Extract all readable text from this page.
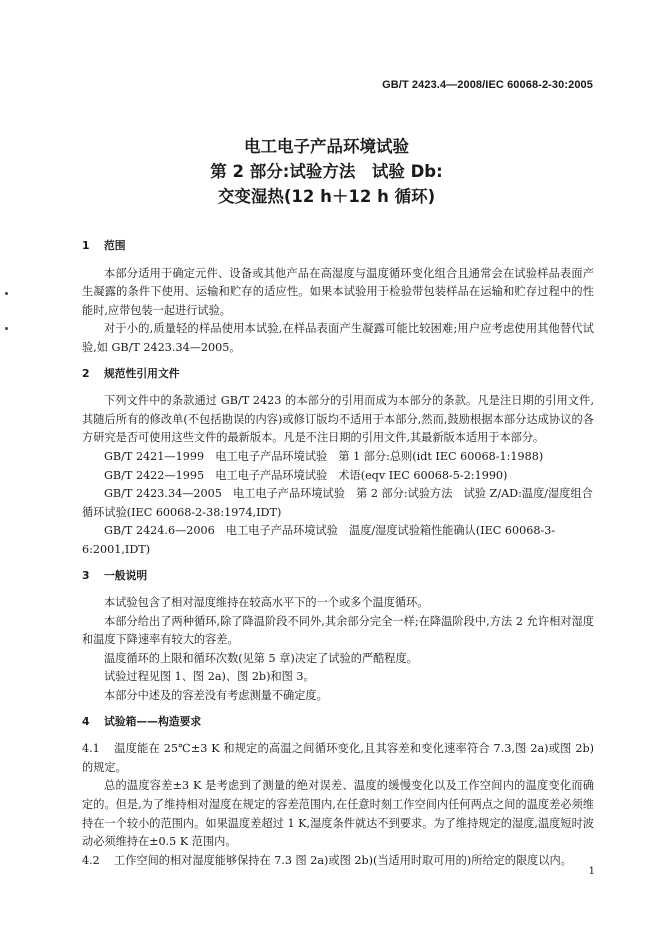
GB/T 2423.4—2008/IEC 60068-2-30:2005
电工电子产品环境试验
第 2 部分:试验方法　试验 Db:
交变湿热(12 h＋12 h 循环)

1 范围

本部分适用于确定元件、设备或其他产品在高湿度与温度循环变化组合且通常会在试验样品表面产生凝露的条件下使用、运输和贮存的适应性。如果本试验用于检验带包装样品在运输和贮存过程中的性能时,应带包装一起进行试验。

对于小的,质量轻的样品使用本试验,在样品表面产生凝露可能比较困难;用户应考虑使用其他替代试验,如 GB/T 2423.34—2005。

2 规范性引用文件

下列文件中的条款通过 GB/T 2423 的本部分的引用而成为本部分的条款。凡是注日期的引用文件,其随后所有的修改单(不包括勘误的内容)或修订版均不适用于本部分,然而,鼓励根据本部分达成协议的各方研究是否可使用这些文件的最新版本。凡是不注日期的引用文件,其最新版本适用于本部分。

GB/T 2421—1999　电工电子产品环境试验　第 1 部分:总则(idt IEC 60068-1:1988)

GB/T 2422—1995　电工电子产品环境试验　术语(eqv IEC 60068-5-2:1990)

GB/T 2423.34—2005　电工电子产品环境试验　第 2 部分:试验方法　试验 Z/AD:温度/湿度组合循环试验(IEC 60068-2-38:1974,IDT)

GB/T 2424.6—2006　电工电子产品环境试验　温度/湿度试验箱性能确认(IEC 60068-3-6:2001,IDT)

3 一般说明

本试验包含了相对湿度维持在较高水平下的一个或多个温度循环。

本部分给出了两种循环,除了降温阶段不同外,其余部分完全一样;在降温阶段中,方法 2 允许相对湿度和温度下降速率有较大的容差。

温度循环的上限和循环次数(见第 5 章)决定了试验的严酷程度。

试验过程见图 1、图 2a)、图 2b)和图 3。

本部分中述及的容差没有考虑测量不确定度。

4 试验箱——构造要求

4.1 温度能在 25℃±3 K 和规定的高温之间循环变化,且其容差和变化速率符合 7.3,图 2a)或图 2b)的规定。

总的温度容差±3 K 是考虑到了测量的绝对误差、温度的缓慢变化以及工作空间内的温度变化而确定的。但是,为了维持相对湿度在规定的容差范围内,在任意时刻工作空间内任何两点之间的温度差必须维持在一个较小的范围内。如果温度差超过 1 K,湿度条件就达不到要求。为了维持规定的湿度,温度短时波动必须维持在±0.5 K 范围内。

4.2 工作空间的相对湿度能够保持在 7.3 图 2a)或图 2b)(当适用时取可用的)所给定的限度以内。

1
